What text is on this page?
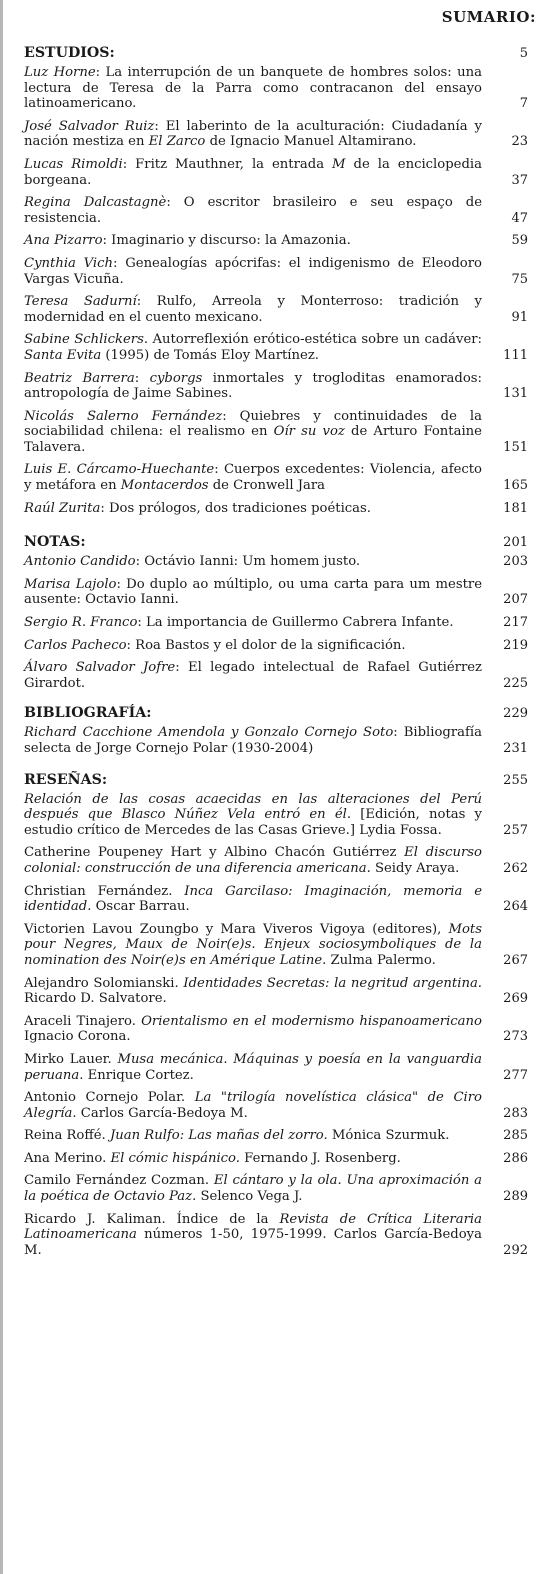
SUMARIO:
ESTUDIOS:	5
Luz Horne: La interrupción de un banquete de hombres solos: una lectura de Teresa de la Parra como contracanon del ensayo latinoamericano.	7
José Salvador Ruiz: El laberinto de la aculturación: Ciudadanía y nación mestiza en El Zarco de Ignacio Manuel Altamirano.	23
Lucas Rimoldi: Fritz Mauthner, la entrada M de la enciclopedia borgeana.	37
Regina Dalcastagnè: O escritor brasileiro e seu espaço de resistencia.	47
Ana Pizarro: Imaginario y discurso: la Amazonia.	59
Cynthia Vich: Genealogías apócrifas: el indigenismo de Eleodoro Vargas Vicuña.	75
Teresa Sadurní: Rulfo, Arreola y Monterroso: tradición y modernidad en el cuento mexicano.	91
Sabine Schlickers. Autorreflexión erótico-estética sobre un cadáver: Santa Evita (1995) de Tomás Eloy Martínez.	111
Beatriz Barrera: cyborgs inmortales y trogloditas enamorados: antropología de Jaime Sabines.	131
Nicolás Salerno Fernández: Quiebres y continuidades de la sociabilidad chilena: el realismo en Oír su voz de Arturo Fontaine Talavera.	151
Luis E. Cárcamo-Huechante: Cuerpos excedentes: Violencia, afecto y metáfora en Montacerdos de Cronwell Jara	165
Raúl Zurita: Dos prólogos, dos tradiciones poéticas.	181
NOTAS:	201
Antonio Candido: Octávio Ianni: Um homem justo.	203
Marisa Lajolo: Do duplo ao múltiplo, ou uma carta para um mestre ausente: Octavio Ianni.	207
Sergio R. Franco: La importancia de Guillermo Cabrera Infante.	217
Carlos Pacheco: Roa Bastos y el dolor de la significación.	219
Álvaro Salvador Jofre: El legado intelectual de Rafael Gutiérrez Girardot.	225
BIBLIOGRAFÍA:	229
Richard Cacchione Amendola y Gonzalo Cornejo Soto: Bibliografía selecta de Jorge Cornejo Polar (1930-2004)	231
RESEÑAS:	255
Relación de las cosas acaecidas en las alteraciones del Perú después que Blasco Núñez Vela entró en él. [Edición, notas y estudio crítico de Mercedes de las Casas Grieve.] Lydia Fossa.	257
Catherine Poupeney Hart y Albino Chacón Gutiérrez El discurso colonial: construcción de una diferencia americana. Seidy Araya.	262
Christian Fernández. Inca Garcilaso: Imaginación, memoria e identidad. Oscar Barrau.	264
Victorien Lavou Zoungbo y Mara Viveros Vigoya (editores), Mots pour Negres, Maux de Noir(e)s. Enjeux sociosymboliques de la nomination des Noir(e)s en Amérique Latine. Zulma Palermo.	267
Alejandro Solomianski. Identidades Secretas: la negritud argentina. Ricardo D. Salvatore.	269
Araceli Tinajero. Orientalismo en el modernismo hispanoamericano Ignacio Corona.	273
Mirko Lauer. Musa mecánica. Máquinas y poesía en la vanguardia peruana. Enrique Cortez.	277
Antonio Cornejo Polar. La "trilogía novelística clásica" de Ciro Alegría. Carlos García-Bedoya M.	283
Reina Roffé. Juan Rulfo: Las mañas del zorro. Mónica Szurmuk.	285
Ana Merino. El cómic hispánico. Fernando J. Rosenberg.	286
Camilo Fernández Cozman. El cántaro y la ola. Una aproximación a la poética de Octavio Paz. Selenco Vega J.	289
Ricardo J. Kaliman. Índice de la Revista de Crítica Literaria Latinoamericana números 1-50, 1975-1999. Carlos García-Bedoya M.	292
